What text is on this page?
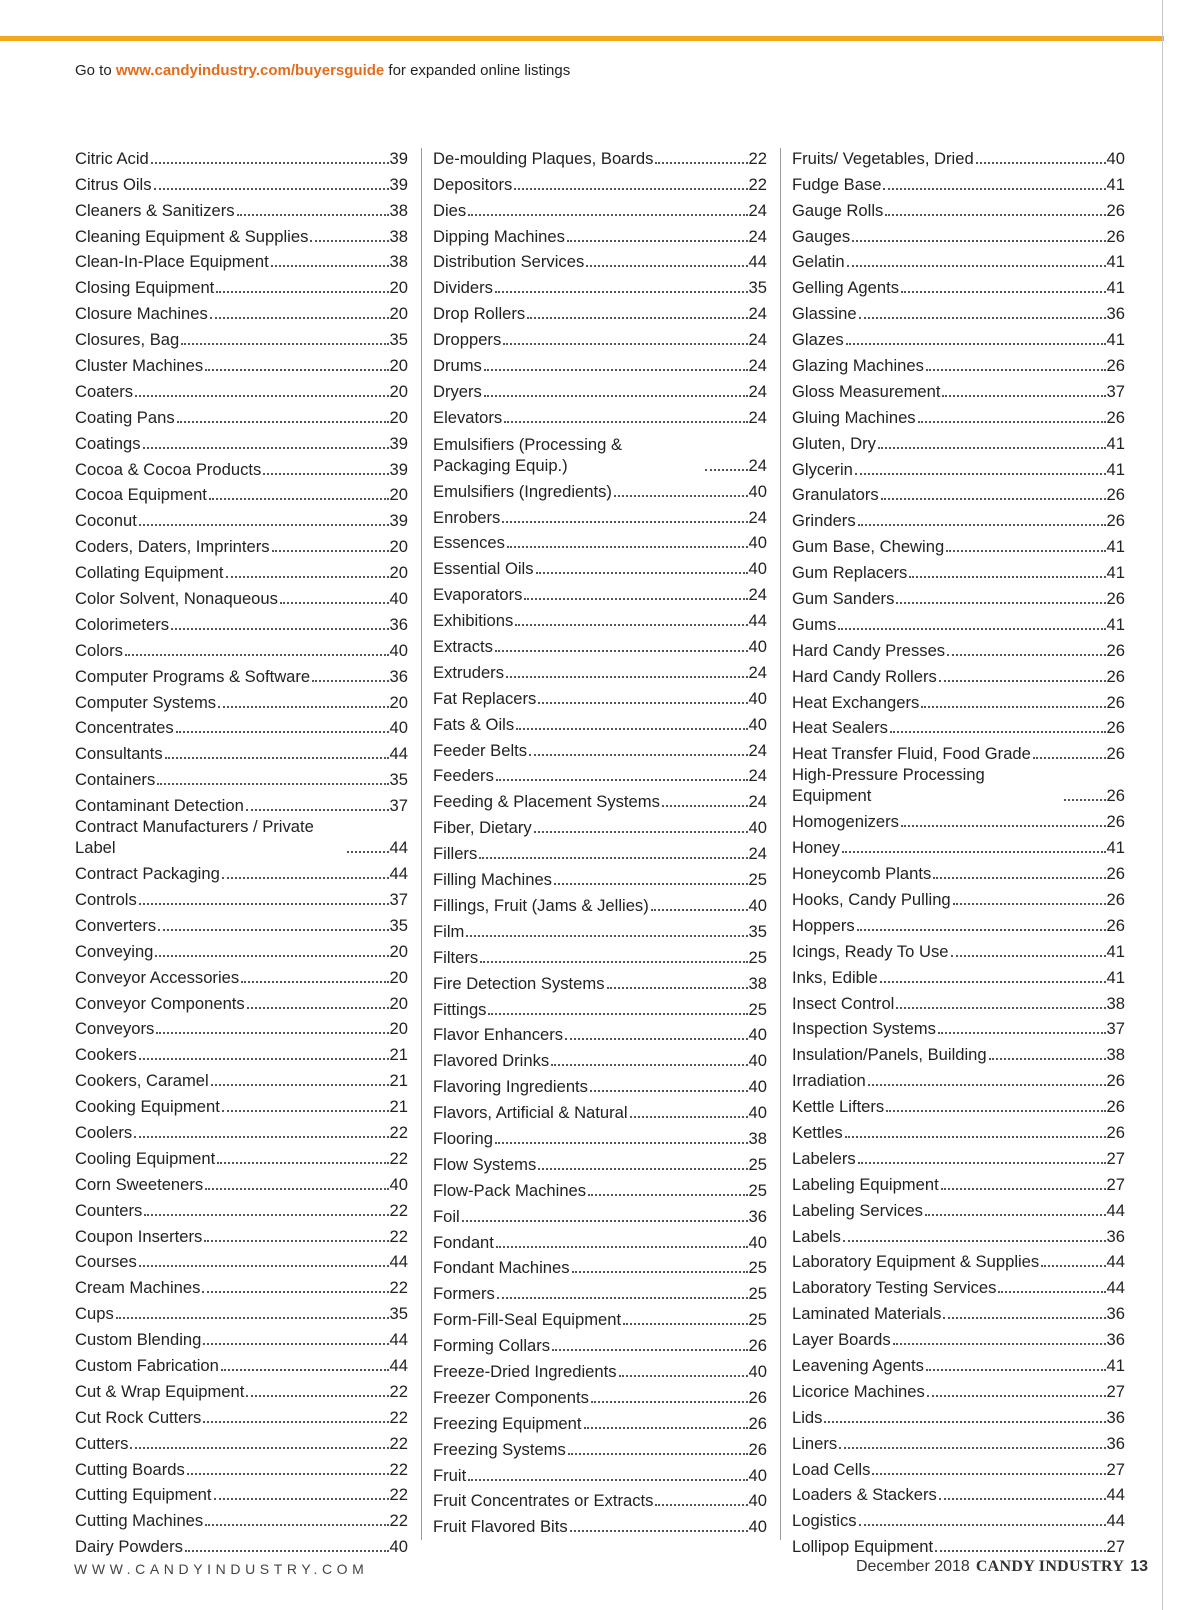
Go to www.candyindustry.com/buyersguide for expanded online listings
Citric Acid	39
Citrus Oils	39
Cleaners & Sanitizers	38
Cleaning Equipment & Supplies	38
Clean-In-Place Equipment	38
Closing Equipment	20
Closure Machines	20
Closures, Bag	35
Cluster Machines	20
Coaters	20
Coating Pans	20
Coatings	39
Cocoa & Cocoa Products	39
Cocoa Equipment	20
Coconut	39
Coders, Daters, Imprinters	20
Collating Equipment	20
Color Solvent, Nonaqueous	40
Colorimeters	36
Colors	40
Computer Programs & Software	36
Computer Systems	20
Concentrates	40
Consultants	44
Containers	35
Contaminant Detection	37
Contract Manufacturers / Private Label	44
Contract Packaging	44
Controls	37
Converters	35
Conveying	20
Conveyor Accessories	20
Conveyor Components	20
Conveyors	20
Cookers	21
Cookers, Caramel	21
Cooking Equipment	21
Coolers	22
Cooling Equipment	22
Corn Sweeteners	40
Counters	22
Coupon Inserters	22
Courses	44
Cream Machines	22
Cups	35
Custom Blending	44
Custom Fabrication	44
Cut & Wrap Equipment	22
Cut Rock Cutters	22
Cutters	22
Cutting Boards	22
Cutting Equipment	22
Cutting Machines	22
Dairy Powders	40
De-moulding Plaques, Boards	22
Depositors	22
Dies	24
Dipping Machines	24
Distribution Services	44
Dividers	35
Drop Rollers	24
Droppers	24
Drums	24
Dryers	24
Elevators	24
Emulsifiers (Processing & Packaging Equip.)	24
Emulsifiers (Ingredients)	40
Enrobers	24
Essences	40
Essential Oils	40
Evaporators	24
Exhibitions	44
Extracts	40
Extruders	24
Fat Replacers	40
Fats & Oils	40
Feeder Belts	24
Feeders	24
Feeding & Placement Systems	24
Fiber, Dietary	40
Fillers	24
Filling Machines	25
Fillings, Fruit (Jams & Jellies)	40
Film	35
Filters	25
Fire Detection Systems	38
Fittings	25
Flavor Enhancers	40
Flavored Drinks	40
Flavoring Ingredients	40
Flavors, Artificial & Natural	40
Flooring	38
Flow Systems	25
Flow-Pack Machines	25
Foil	36
Fondant	40
Fondant Machines	25
Formers	25
Form-Fill-Seal Equipment	25
Forming Collars	26
Freeze-Dried Ingredients	40
Freezer Components	26
Freezing Equipment	26
Freezing Systems	26
Fruit	40
Fruit Concentrates or Extracts	40
Fruit Flavored Bits	40
Fruits/ Vegetables, Dried	40
Fudge Base	41
Gauge Rolls	26
Gauges	26
Gelatin	41
Gelling Agents	41
Glassine	36
Glazes	41
Glazing Machines	26
Gloss Measurement	37
Gluing Machines	26
Gluten, Dry	41
Glycerin	41
Granulators	26
Grinders	26
Gum Base, Chewing	41
Gum Replacers	41
Gum Sanders	26
Gums	41
Hard Candy Presses	26
Hard Candy Rollers	26
Heat Exchangers	26
Heat Sealers	26
Heat Transfer Fluid, Food Grade	26
High-Pressure Processing Equipment	26
Homogenizers	26
Honey	41
Honeycomb Plants	26
Hooks, Candy Pulling	26
Hoppers	26
Icings, Ready To Use	41
Inks, Edible	41
Insect Control	38
Inspection Systems	37
Insulation/Panels, Building	38
Irradiation	26
Kettle Lifters	26
Kettles	26
Labelers	27
Labeling Equipment	27
Labeling Services	44
Labels	36
Laboratory Equipment & Supplies	44
Laboratory Testing Services	44
Laminated Materials	36
Layer Boards	36
Leavening Agents	41
Licorice Machines	27
Lids	36
Liners	36
Load Cells	27
Loaders & Stackers	44
Logistics	44
Lollipop Equipment	27
WWW.CANDYINDUSTRY.COM	December 2018 CANDY INDUSTRY 13
